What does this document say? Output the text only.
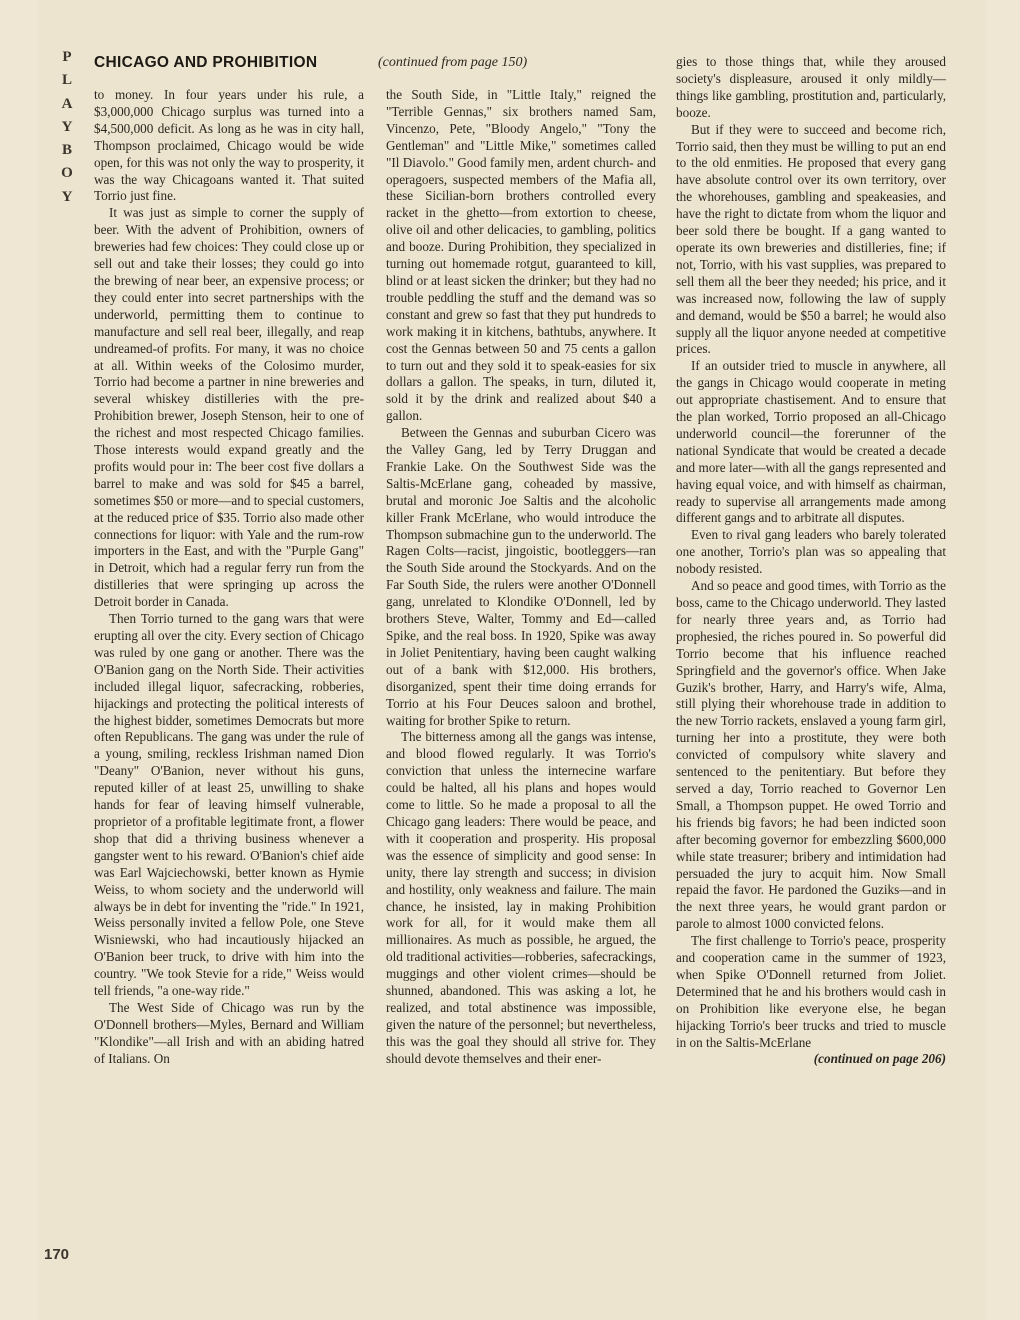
P
L
A
Y
B
O
Y
CHICAGO AND PROHIBITION	(continued from page 150)

to money. In four years under his rule, a $3,000,000 Chicago surplus was turned into a $4,500,000 deficit. As long as he was in city hall, Thompson proclaimed, Chicago would be wide open, for this was not only the way to prosperity, it was the way Chicagoans wanted it. That suited Torrio just fine.

It was just as simple to corner the supply of beer. With the advent of Prohibition, owners of breweries had few choices: They could close up or sell out and take their losses; they could go into the brewing of near beer, an expensive process; or they could enter into secret partnerships with the underworld, permitting them to continue to manufacture and sell real beer, illegally, and reap undreamed-of profits. For many, it was no choice at all. Within weeks of the Colosimo murder, Torrio had become a partner in nine breweries and several whiskey distilleries with the pre-Prohibition brewer, Joseph Stenson, heir to one of the richest and most respected Chicago families. Those interests would expand greatly and the profits would pour in: The beer cost five dollars a barrel to make and was sold for $45 a barrel, sometimes $50 or more—and to special customers, at the reduced price of $35. Torrio also made other connections for liquor: with Yale and the rum-row importers in the East, and with the "Purple Gang" in Detroit, which had a regular ferry run from the distilleries that were springing up across the Detroit border in Canada.

Then Torrio turned to the gang wars that were erupting all over the city. Every section of Chicago was ruled by one gang or another. There was the O'Banion gang on the North Side. Their activities included illegal liquor, safecracking, robberies, hijackings and protecting the political interests of the highest bidder, sometimes Democrats but more often Republicans. The gang was under the rule of a young, smiling, reckless Irishman named Dion "Deany" O'Banion, never without his guns, reputed killer of at least 25, unwilling to shake hands for fear of leaving himself vulnerable, proprietor of a profitable legitimate front, a flower shop that did a thriving business whenever a gangster went to his reward. O'Banion's chief aide was Earl Wajciechowski, better known as Hymie Weiss, to whom society and the underworld will always be in debt for inventing the "ride." In 1921, Weiss personally invited a fellow Pole, one Steve Wisniewski, who had incautiously hijacked an O'Banion beer truck, to drive with him into the country. "We took Stevie for a ride," Weiss would tell friends, "a one-way ride."

The West Side of Chicago was run by the O'Donnell brothers—Myles, Bernard and William "Klondike"—all Irish and with an abiding hatred of Italians. On

the South Side, in "Little Italy," reigned the "Terrible Gennas," six brothers named Sam, Vincenzo, Pete, "Bloody Angelo," "Tony the Gentleman" and "Little Mike," sometimes called "Il Diavolo." Good family men, ardent church- and operagoers, suspected members of the Mafia all, these Sicilian-born brothers controlled every racket in the ghetto—from extortion to cheese, olive oil and other delicacies, to gambling, politics and booze. During Prohibition, they specialized in turning out homemade rotgut, guaranteed to kill, blind or at least sicken the drinker; but they had no trouble peddling the stuff and the demand was so constant and grew so fast that they put hundreds to work making it in kitchens, bathtubs, anywhere. It cost the Gennas between 50 and 75 cents a gallon to turn out and they sold it to speak-easies for six dollars a gallon. The speaks, in turn, diluted it, sold it by the drink and realized about $40 a gallon.

Between the Gennas and suburban Cicero was the Valley Gang, led by Terry Druggan and Frankie Lake. On the Southwest Side was the Saltis-McErlane gang, coheaded by massive, brutal and moronic Joe Saltis and the alcoholic killer Frank McErlane, who would introduce the Thompson submachine gun to the underworld. The Ragen Colts—racist, jingoistic, bootleggers—ran the South Side around the Stockyards. And on the Far South Side, the rulers were another O'Donnell gang, unrelated to Klondike O'Donnell, led by brothers Steve, Walter, Tommy and Ed—called Spike, and the real boss. In 1920, Spike was away in Joliet Penitentiary, having been caught walking out of a bank with $12,000. His brothers, disorganized, spent their time doing errands for Torrio at his Four Deuces saloon and brothel, waiting for brother Spike to return.

The bitterness among all the gangs was intense, and blood flowed regularly. It was Torrio's conviction that unless the internecine warfare could be halted, all his plans and hopes would come to little. So he made a proposal to all the Chicago gang leaders: There would be peace, and with it cooperation and prosperity. His proposal was the essence of simplicity and good sense: In unity, there lay strength and success; in division and hostility, only weakness and failure. The main chance, he insisted, lay in making Prohibition work for all, for it would make them all millionaires. As much as possible, he argued, the old traditional activities—robberies, safecrackings, muggings and other violent crimes—should be shunned, abandoned. This was asking a lot, he realized, and total abstinence was impossible, given the nature of the personnel; but nevertheless, this was the goal they should all strive for. They should devote themselves and their ener-

gies to those things that, while they aroused society's displeasure, aroused it only mildly—things like gambling, prostitution and, particularly, booze.

But if they were to succeed and become rich, Torrio said, then they must be willing to put an end to the old enmities. He proposed that every gang have absolute control over its own territory, over the whorehouses, gambling and speakeasies, and have the right to dictate from whom the liquor and beer sold there be bought. If a gang wanted to operate its own breweries and distilleries, fine; if not, Torrio, with his vast supplies, was prepared to sell them all the beer they needed; his price, and it was increased now, following the law of supply and demand, would be $50 a barrel; he would also supply all the liquor anyone needed at competitive prices.

If an outsider tried to muscle in anywhere, all the gangs in Chicago would cooperate in meting out appropriate chastisement. And to ensure that the plan worked, Torrio proposed an all-Chicago underworld council—the forerunner of the national Syndicate that would be created a decade and more later—with all the gangs represented and having equal voice, and with himself as chairman, ready to supervise all arrangements made among different gangs and to arbitrate all disputes.

Even to rival gang leaders who barely tolerated one another, Torrio's plan was so appealing that nobody resisted.

And so peace and good times, with Torrio as the boss, came to the Chicago underworld. They lasted for nearly three years and, as Torrio had prophesied, the riches poured in. So powerful did Torrio become that his influence reached Springfield and the governor's office. When Jake Guzik's brother, Harry, and Harry's wife, Alma, still plying their whorehouse trade in addition to the new Torrio rackets, enslaved a young farm girl, turning her into a prostitute, they were both convicted of compulsory white slavery and sentenced to the penitentiary. But before they served a day, Torrio reached to Governor Len Small, a Thompson puppet. He owed Torrio and his friends big favors; he had been indicted soon after becoming governor for embezzling $600,000 while state treasurer; bribery and intimidation had persuaded the jury to acquit him. Now Small repaid the favor. He pardoned the Guziks—and in the next three years, he would grant pardon or parole to almost 1000 convicted felons.

The first challenge to Torrio's peace, prosperity and cooperation came in the summer of 1923, when Spike O'Donnell returned from Joliet. Determined that he and his brothers would cash in on Prohibition like everyone else, he began hijacking Torrio's beer trucks and tried to muscle in on the Saltis-McErlane

(continued on page 206)
170
